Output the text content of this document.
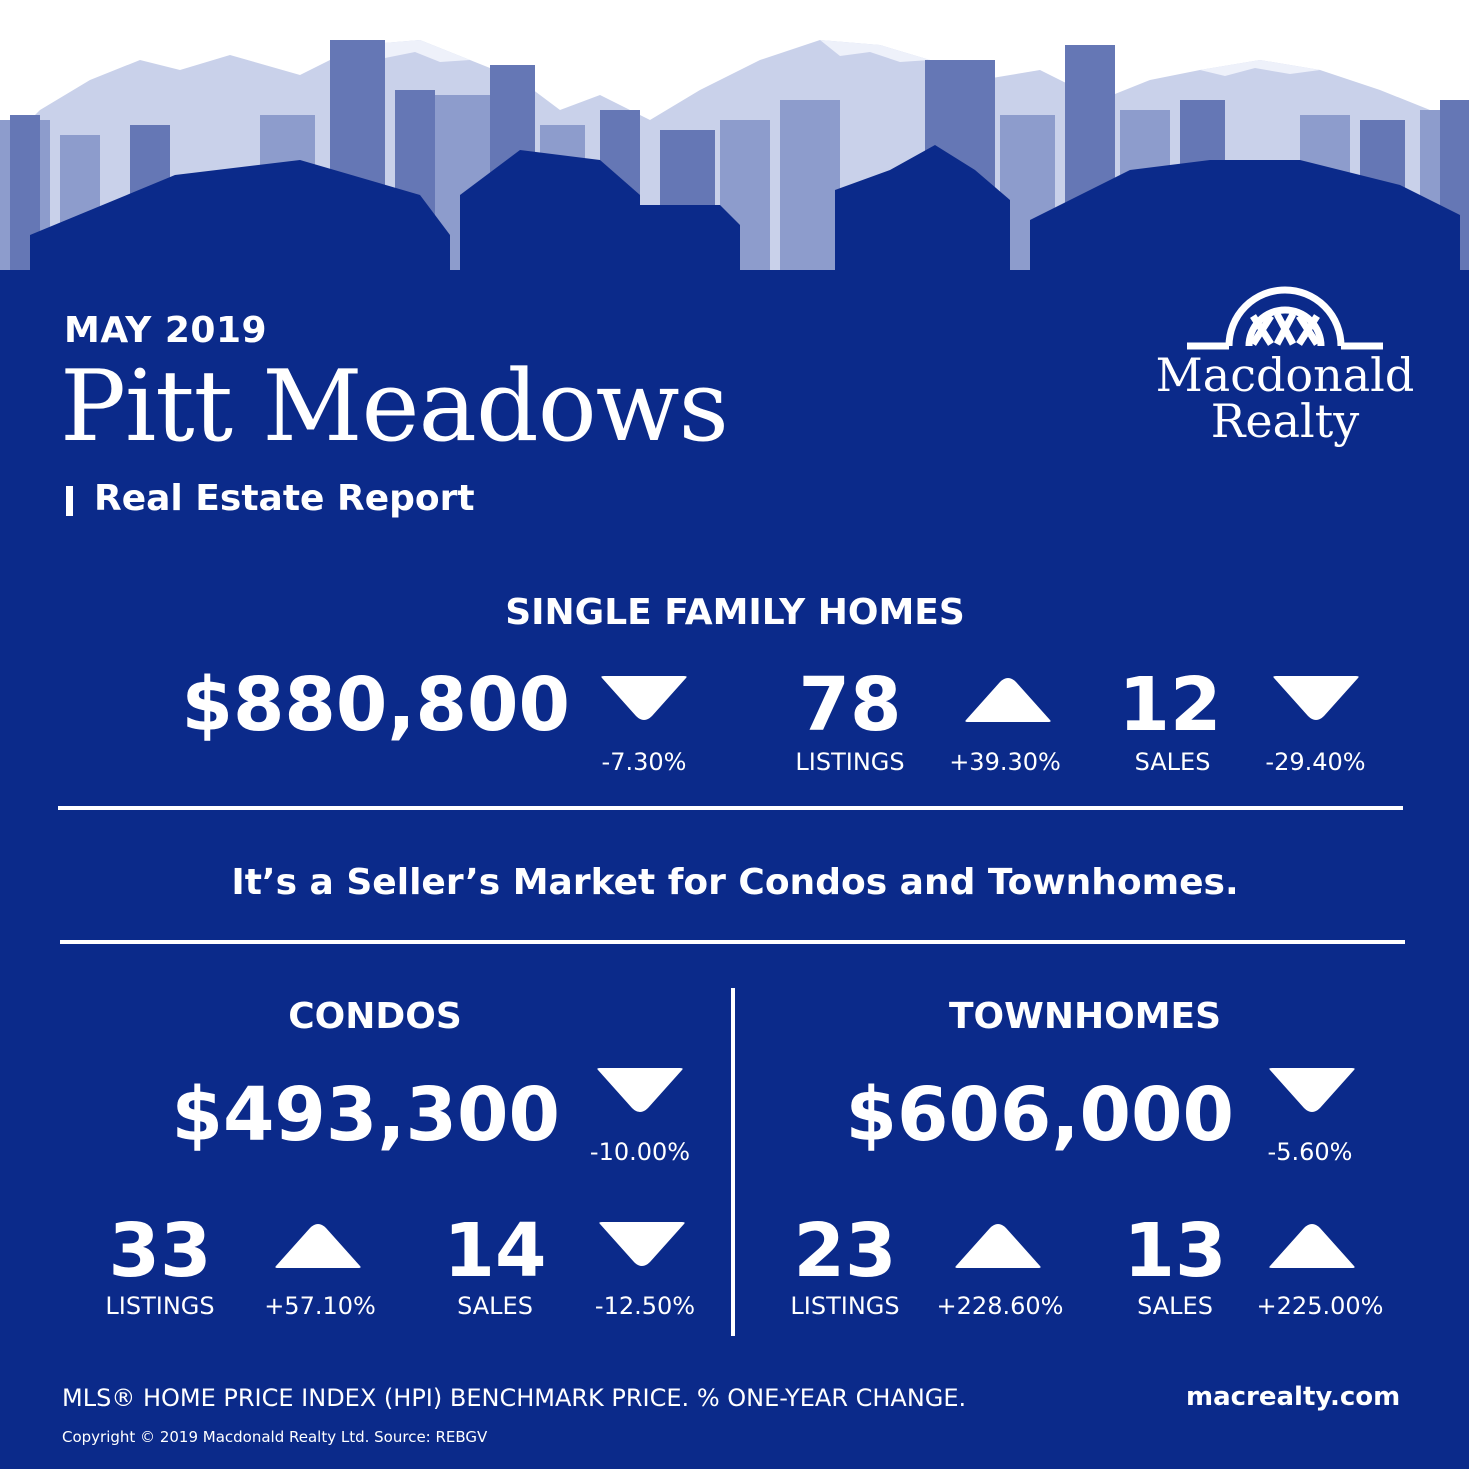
MAY 2019
Pitt Meadows
Real Estate Report
Macdonald
Realty
SINGLE FAMILY HOMES
$880,800
-7.30%
78
LISTINGS	+39.30%
12
SALES	-29.40%
It’s a Seller’s Market for Condos and Townhomes.
CONDOS
$493,300	-10.00%
33
LISTINGS	+57.10%
14
SALES	-12.50%
TOWNHOMES
$606,000	-5.60%
23
LISTINGS	+228.60%
13
SALES	+225.00%
MLS® HOME PRICE INDEX (HPI) BENCHMARK PRICE. % ONE-YEAR CHANGE.	macrealty.com
Copyright © 2019 Macdonald Realty Ltd. Source: REBGV
